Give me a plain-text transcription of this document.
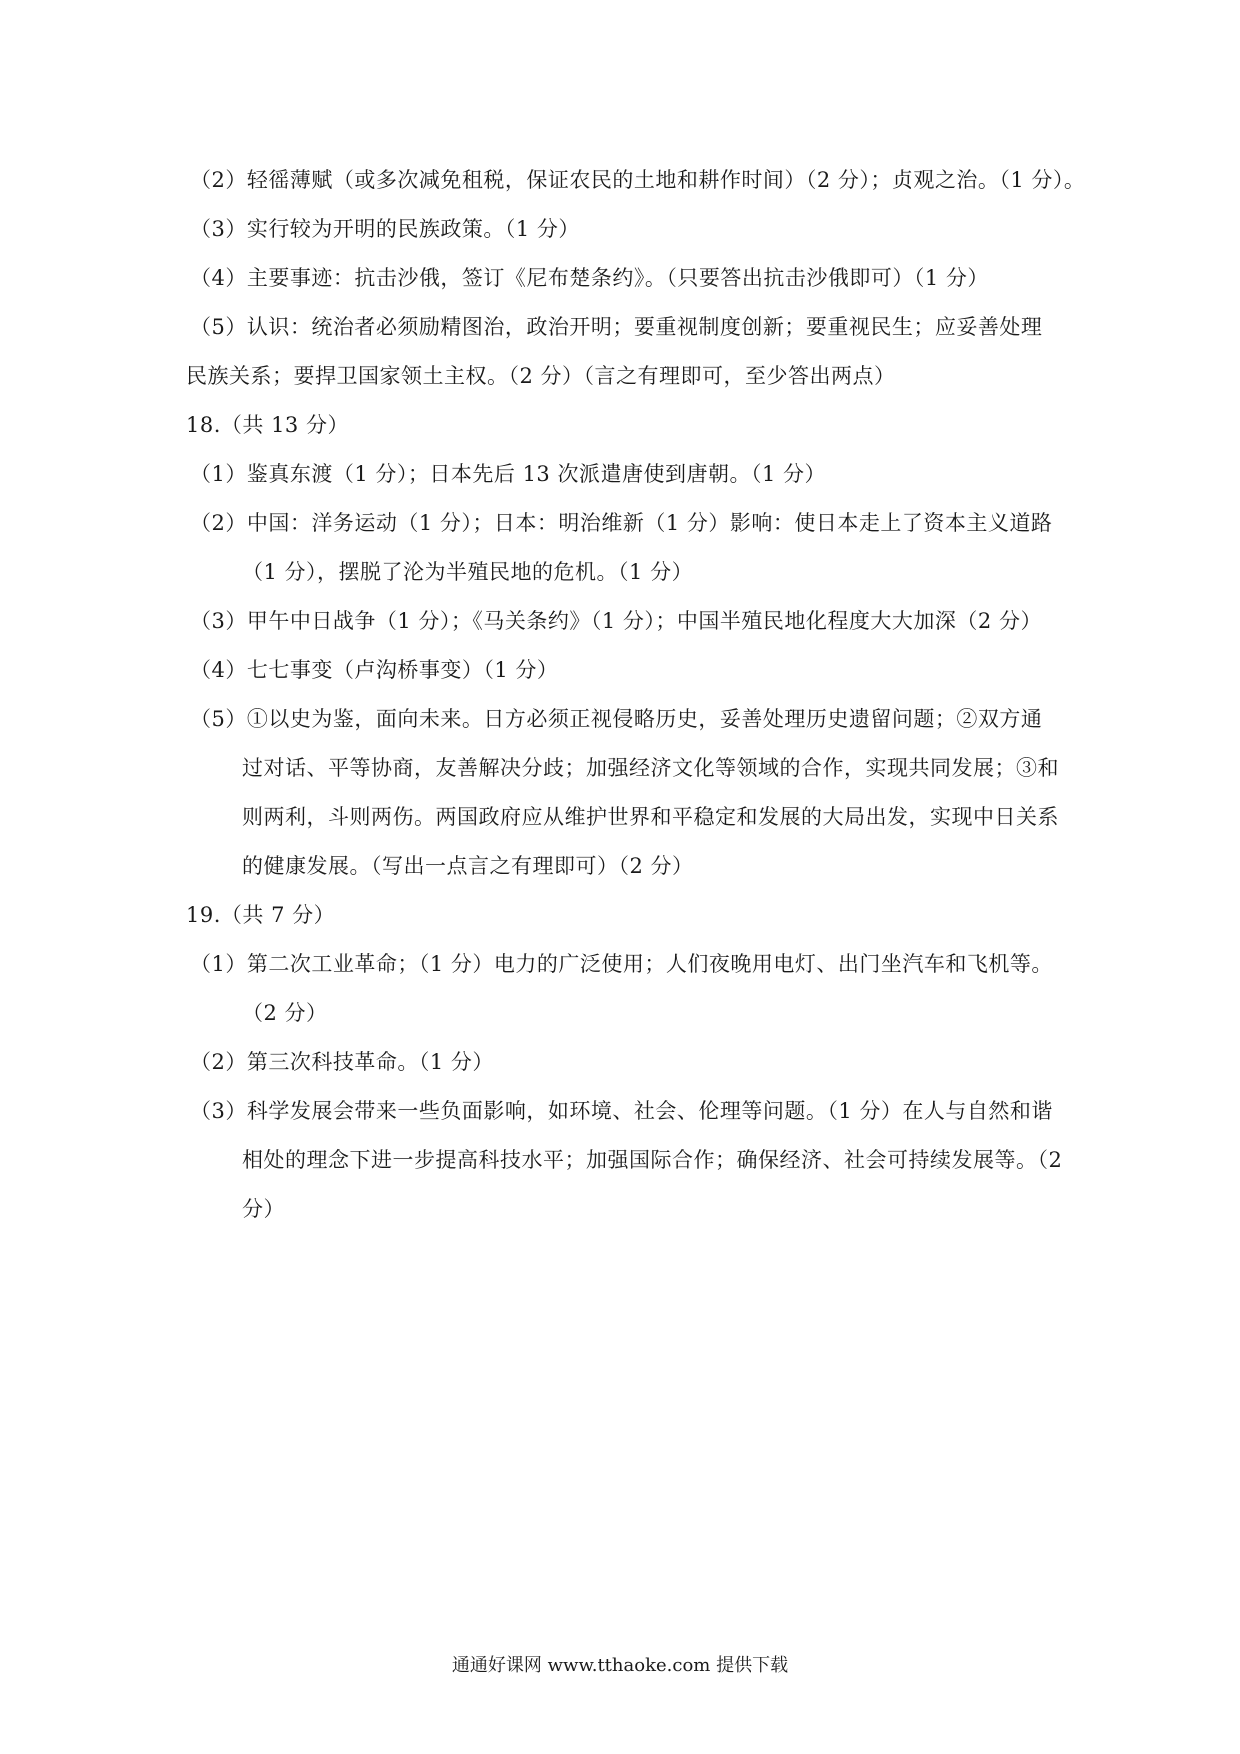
（2）轻徭薄赋（或多次减免租税，保证农民的土地和耕作时间）（2 分）；贞观之治。（1 分）。
（3）实行较为开明的民族政策。（1 分）
（4）主要事迹：抗击沙俄，签订《尼布楚条约》。（只要答出抗击沙俄即可）（1 分）
（5）认识：统治者必须励精图治，政治开明；要重视制度创新；要重视民生；应妥善处理
民族关系；要捍卫国家领土主权。（2 分）（言之有理即可，至少答出两点）
18.（共 13 分）
（1）鉴真东渡（1 分）；日本先后 13 次派遣唐使到唐朝。（1 分）
（2）中国：洋务运动（1 分）；日本：明治维新（1 分）影响：使日本走上了资本主义道路
（1 分），摆脱了沦为半殖民地的危机。（1 分）
（3）甲午中日战争（1 分）；《马关条约》（1 分）；中国半殖民地化程度大大加深（2 分）
（4）七七事变（卢沟桥事变）（1 分）
（5）①以史为鉴，面向未来。日方必须正视侵略历史，妥善处理历史遗留问题；②双方通
过对话、平等协商，友善解决分歧；加强经济文化等领域的合作，实现共同发展；③和
则两利，斗则两伤。两国政府应从维护世界和平稳定和发展的大局出发，实现中日关系
的健康发展。（写出一点言之有理即可）（2 分）
19.（共 7 分）
（1）第二次工业革命；（1 分）电力的广泛使用；人们夜晚用电灯、出门坐汽车和飞机等。
（2 分）
（2）第三次科技革命。（1 分）
（3）科学发展会带来一些负面影响，如环境、社会、伦理等问题。（1 分）在人与自然和谐
相处的理念下进一步提高科技水平；加强国际合作；确保经济、社会可持续发展等。（2
分）
通通好课网 www.tthaoke.com 提供下载
